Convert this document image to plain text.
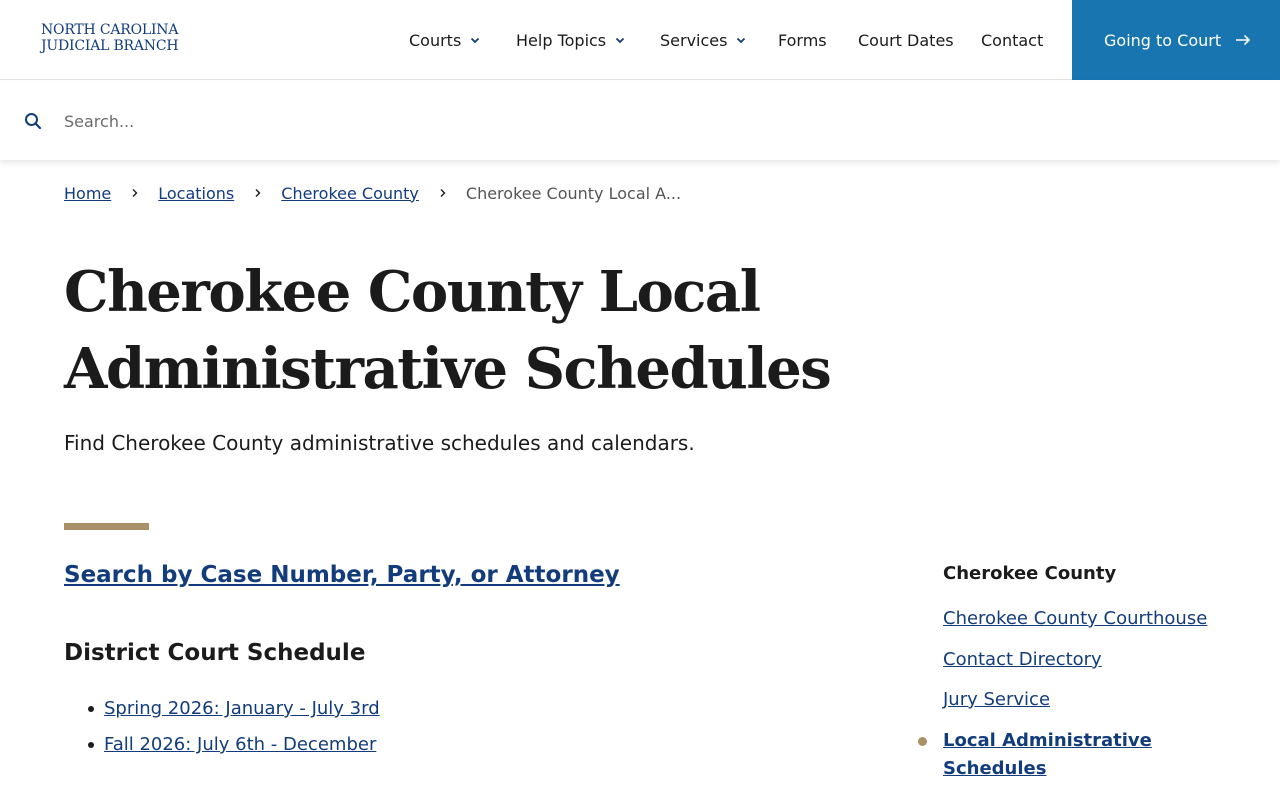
NORTH CAROLINA
JUDICIAL BRANCH	Courts	Help Topics	Services	Forms Court Dates Contact	Going to Court
Search...
Home	Locations	Cherokee County	Cherokee County Local A...
Cherokee County Local Administrative Schedules

Find Cherokee County administrative schedules and calendars.

Search by Case Number, Party, or Attorney
District Court Schedule
Spring 2026: January - July 3rd
Fall 2026: July 6th - December
Cherokee County
Cherokee County Courthouse
Contact Directory
Jury Service
Local Administrative Schedules
